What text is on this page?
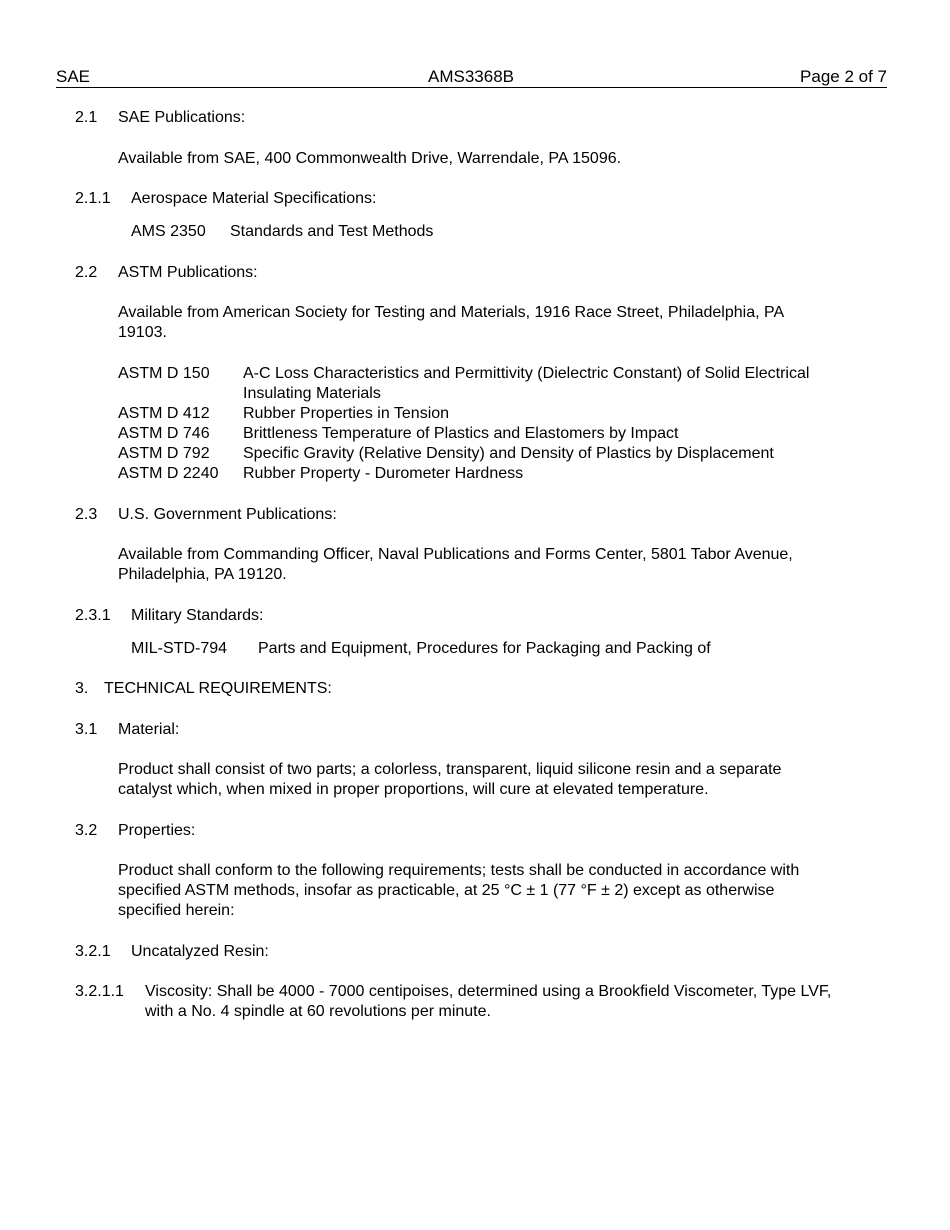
SAE	AMS3368B	Page 2 of 7
2.1 SAE Publications:
Available from SAE, 400 Commonwealth Drive, Warrendale, PA 15096.
2.1.1 Aerospace Material Specifications:
AMS 2350 Standards and Test Methods
2.2 ASTM Publications:
Available from American Society for Testing and Materials, 1916 Race Street, Philadelphia, PA
19103.
ASTM D 150 A-C Loss Characteristics and Permittivity (Dielectric Constant) of Solid Electrical
Insulating Materials
ASTM D 412 Rubber Properties in Tension
ASTM D 746 Brittleness Temperature of Plastics and Elastomers by Impact
ASTM D 792 Specific Gravity (Relative Density) and Density of Plastics by Displacement
ASTM D 2240 Rubber Property - Durometer Hardness
2.3 U.S. Government Publications:
Available from Commanding Officer, Naval Publications and Forms Center, 5801 Tabor Avenue,
Philadelphia, PA 19120.
2.3.1 Military Standards:
MIL-STD-794 Parts and Equipment, Procedures for Packaging and Packing of
3. TECHNICAL REQUIREMENTS:
3.1 Material:
Product shall consist of two parts; a colorless, transparent, liquid silicone resin and a separate
catalyst which, when mixed in proper proportions, will cure at elevated temperature.
3.2 Properties:
Product shall conform to the following requirements; tests shall be conducted in accordance with
specified ASTM methods, insofar as practicable, at 25 °C ± 1 (77 °F ± 2) except as otherwise
specified herein:
3.2.1 Uncatalyzed Resin:
3.2.1.1 Viscosity: Shall be 4000 - 7000 centipoises, determined using a Brookfield Viscometer, Type LVF,
with a No. 4 spindle at 60 revolutions per minute.
